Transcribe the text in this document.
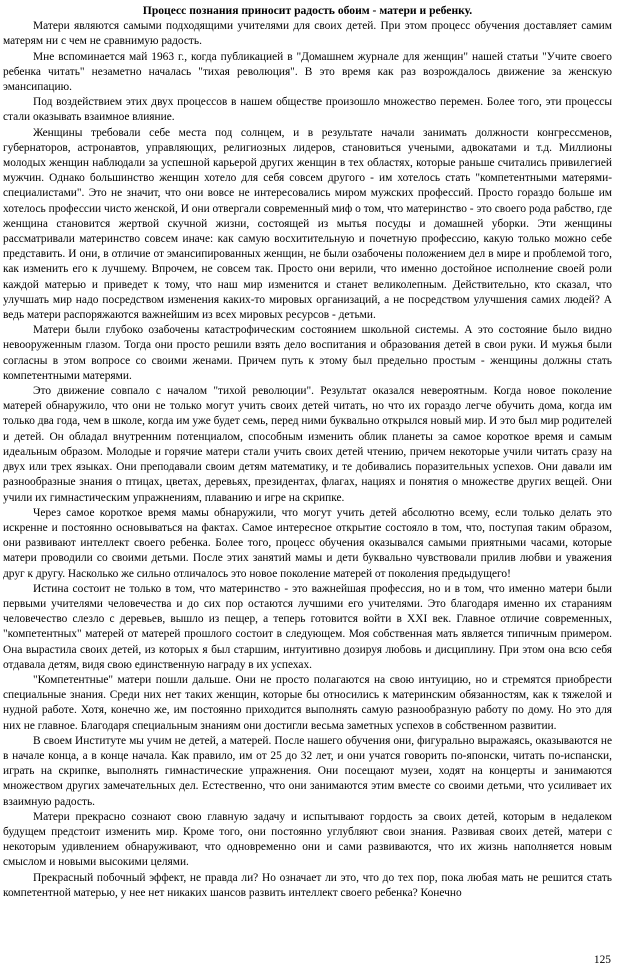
Процесс познания приносит радость обоим - матери и ребенку.

Матери являются самыми подходящими учителями для своих детей. При этом процесс обучения доставляет самим матерям ни с чем не сравнимую радость.

Мне вспоминается май 1963 г., когда публикацией в "Домашнем журнале для женщин" нашей статьи "Учите своего ребенка читать" незаметно началась "тихая революция". В это время как раз возрождалось движение за женскую эмансипацию.

Под воздействием этих двух процессов в нашем обществе произошло множество перемен. Более того, эти процессы стали оказывать взаимное влияние.

Женщины требовали себе места под солнцем, и в результате начали занимать должности конгрессменов, губернаторов, астронавтов, управляющих, религиозных лидеров, становиться учеными, адвокатами и т.д. Миллионы молодых женщин наблюдали за успешной карьерой других женщин в тех областях, которые раньше считались привилегией мужчин. Однако большинство женщин хотело для себя совсем другого - им хотелось стать "компетентными матерями-специалистами". Это не значит, что они вовсе не интересовались миром мужских профессий. Просто гораздо больше им хотелось профессии чисто женской, И они отвергали современный миф о том, что материнство - это своего рода рабство, где женщина становится жертвой скучной жизни, состоящей из мытья посуды и домашней уборки. Эти женщины рассматривали материнство совсем иначе: как самую восхитительную и почетную профессию, какую только можно себе представить. И они, в отличие от эмансипированных женщин, не были озабочены положением дел в мире и проблемой того, как изменить его к лучшему. Впрочем, не совсем так. Просто они верили, что именно достойное исполнение своей роли каждой матерью и приведет к тому, что наш мир изменится и станет великолепным. Действительно, кто сказал, что улучшать мир надо посредством изменения каких-то мировых организаций, а не посредством улучшения самих людей? А ведь матери распоряжаются важнейшим из всех мировых ресурсов - детьми.

Матери были глубоко озабочены катастрофическим состоянием школьной системы. А это состояние было видно невооруженным глазом. Тогда они просто решили взять дело воспитания и образования детей в свои руки. И мужья были согласны в этом вопросе со своими женами. Причем путь к этому был предельно простым - женщины должны стать компетентными матерями.

Это движение совпало с началом "тихой революции". Результат оказался невероятным. Когда новое поколение матерей обнаружило, что они не только могут учить своих детей читать, но что их гораздо легче обучить дома, когда им только два года, чем в школе, когда им уже будет семь, перед ними буквально открылся новый мир. И это был мир родителей и детей. Он обладал внутренним потенциалом, способным изменить облик планеты за самое короткое время и самым идеальным образом. Молодые и горячие матери стали учить своих детей чтению, причем некоторые учили читать сразу на двух или трех языках. Они преподавали своим детям математику, и те добивались поразительных успехов. Они давали им разнообразные знания о птицах, цветах, деревьях, президентах, флагах, нациях и понятия о множестве других вещей. Они учили их гимнастическим упражнениям, плаванию и игре на скрипке.

Через самое короткое время мамы обнаружили, что могут учить детей абсолютно всему, если только делать это искренне и постоянно основываться на фактах. Самое интересное открытие состояло в том, что, поступая таким образом, они развивают интеллект своего ребенка. Более того, процесс обучения оказывался самыми приятными часами, которые матери проводили со своими детьми. После этих занятий мамы и дети буквально чувствовали прилив любви и уважения друг к другу. Насколько же сильно отличалось это новое поколение матерей от поколения предыдущего!

Истина состоит не только в том, что материнство - это важнейшая профессия, но и в том, что именно матери были первыми учителями человечества и до сих пор остаются лучшими его учителями. Это благодаря именно их стараниям человечество слезло с деревьев, вышло из пещер, а теперь готовится войти в XXI век. Главное отличие современных, "компетентных" матерей от матерей прошлого состоит в следующем. Моя собственная мать является типичным примером. Она вырастила своих детей, из которых я был старшим, интуитивно дозируя любовь и дисциплину. При этом она всю себя отдавала детям, видя свою единственную награду в их успехах.

"Компетентные" матери пошли дальше. Они не просто полагаются на свою интуицию, но и стремятся приобрести специальные знания. Среди них нет таких женщин, которые бы относились к материнским обязанностям, как к тяжелой и нудной работе. Хотя, конечно же, им постоянно приходится выполнять самую разнообразную работу по дому. Но это для них не главное. Благодаря специальным знаниям они достигли весьма заметных успехов в собственном развитии.

В своем Институте мы учим не детей, а матерей. После нашего обучения они, фигурально выражаясь, оказываются не в начале конца, а в конце начала. Как правило, им от 25 до 32 лет, и они учатся говорить по-японски, читать по-испански, играть на скрипке, выполнять гимнастические упражнения. Они посещают музеи, ходят на концерты и занимаются множеством других замечательных дел. Естественно, что они занимаются этим вместе со своими детьми, что усиливает их взаимную радость.

Матери прекрасно сознают свою главную задачу и испытывают гордость за своих детей, которым в недалеком будущем предстоит изменить мир. Кроме того, они постоянно углубляют свои знания. Развивая своих детей, матери с некоторым удивлением обнаруживают, что одновременно они и сами развиваются, что их жизнь наполняется новым смыслом и новыми высокими целями.

Прекрасный побочный эффект, не правда ли? Но означает ли это, что до тех пор, пока любая мать не решится стать компетентной матерью, у нее нет никаких шансов развить интеллект своего ребенка? Конечно

125
